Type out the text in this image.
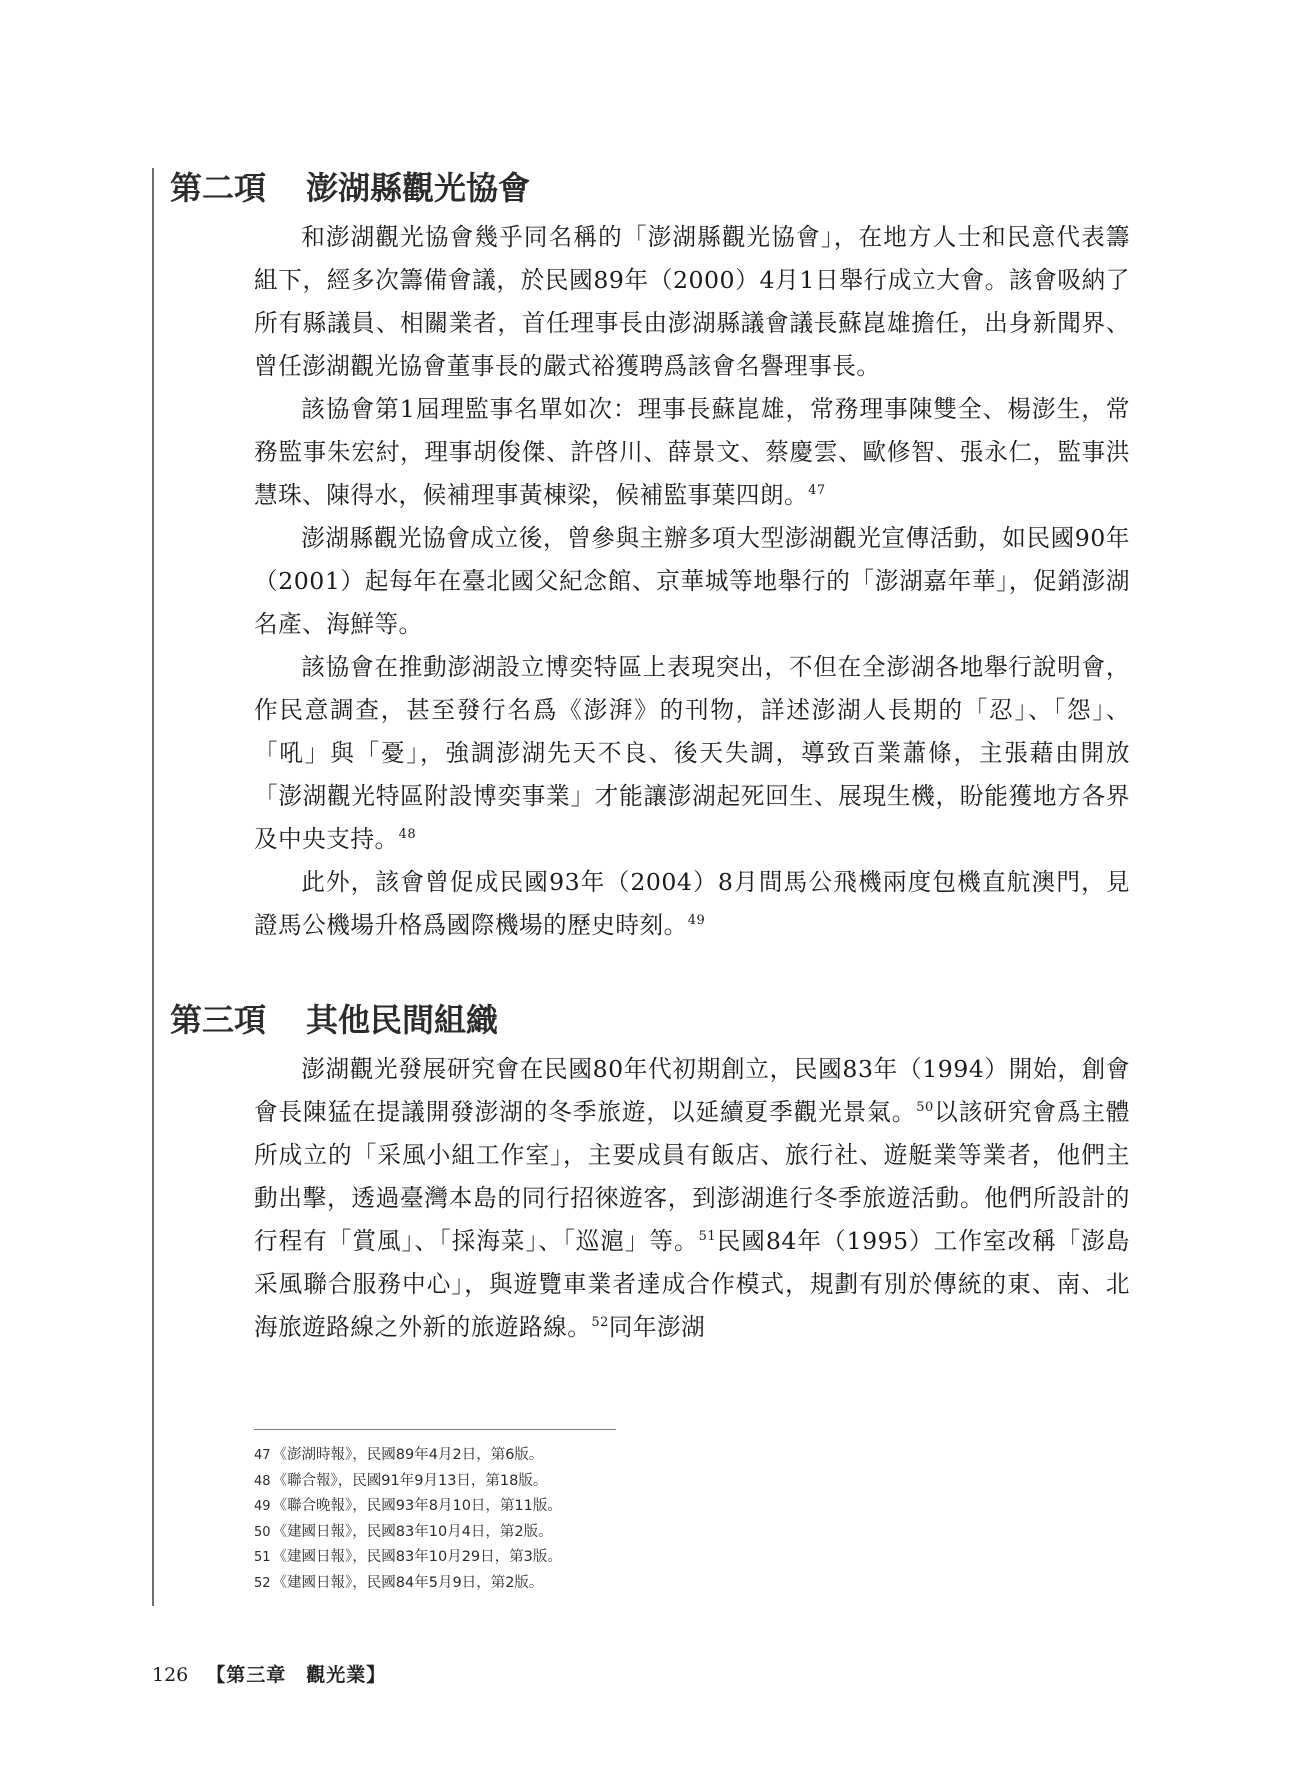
第二項	澎湖縣觀光協會

和澎湖觀光協會幾乎同名稱的「澎湖縣觀光協會」，在地方人士和民意代表籌組下，經多次籌備會議，於民國89年（2000）4月1日舉行成立大會。該會吸納了所有縣議員、相關業者，首任理事長由澎湖縣議會議長蘇崑雄擔任，出身新聞界、曾任澎湖觀光協會董事長的嚴式裕獲聘爲該會名譽理事長。

該協會第1屆理監事名單如次：理事長蘇崑雄，常務理事陳雙全、楊澎生，常務監事朱宏紂，理事胡俊傑、許啓川、薛景文、蔡慶雲、歐修智、張永仁，監事洪慧珠、陳得水，候補理事黃棟梁，候補監事葉四朗。$^{47}$

澎湖縣觀光協會成立後，曾參與主辦多項大型澎湖觀光宣傳活動，如民國90年（2001）起每年在臺北國父紀念館、京華城等地舉行的「澎湖嘉年華」，促銷澎湖名產、海鮮等。

該協會在推動澎湖設立博奕特區上表現突出，不但在全澎湖各地舉行說明會，作民意調查，甚至發行名爲《澎湃》的刊物，詳述澎湖人長期的「忍」、「怨」、「吼」與「憂」，強調澎湖先天不良、後天失調，導致百業蕭條，主張藉由開放「澎湖觀光特區附設博奕事業」才能讓澎湖起死回生、展現生機，盼能獲地方各界及中央支持。$^{48}$

此外，該會曾促成民國93年（2004）8月間馬公飛機兩度包機直航澳門，見證馬公機場升格爲國際機場的歷史時刻。$^{49}$

第三項	其他民間組織

澎湖觀光發展研究會在民國80年代初期創立，民國83年（1994）開始，創會會長陳猛在提議開發澎湖的冬季旅遊，以延續夏季觀光景氣。$^{50}$以該研究會爲主體所成立的「采風小組工作室」，主要成員有飯店、旅行社、遊艇業等業者，他們主動出擊，透過臺灣本島的同行招徠遊客，到澎湖進行冬季旅遊活動。他們所設計的行程有「賞風」、「採海菜」、「巡滬」等。$^{51}$民國84年（1995）工作室改稱「澎島采風聯合服務中心」，與遊覽車業者達成合作模式，規劃有別於傳統的東、南、北海旅遊路線之外新的旅遊路線。$^{52}$同年澎湖

47 《澎湖時報》，民國89年4月2日，第6版。
48 《聯合報》，民國91年9月13日，第18版。
49 《聯合晚報》，民國93年8月10日，第11版。
50 《建國日報》，民國83年10月4日，第2版。
51 《建國日報》，民國83年10月29日，第3版。
52 《建國日報》，民國84年5月9日，第2版。
126 【第三章　觀光業】
